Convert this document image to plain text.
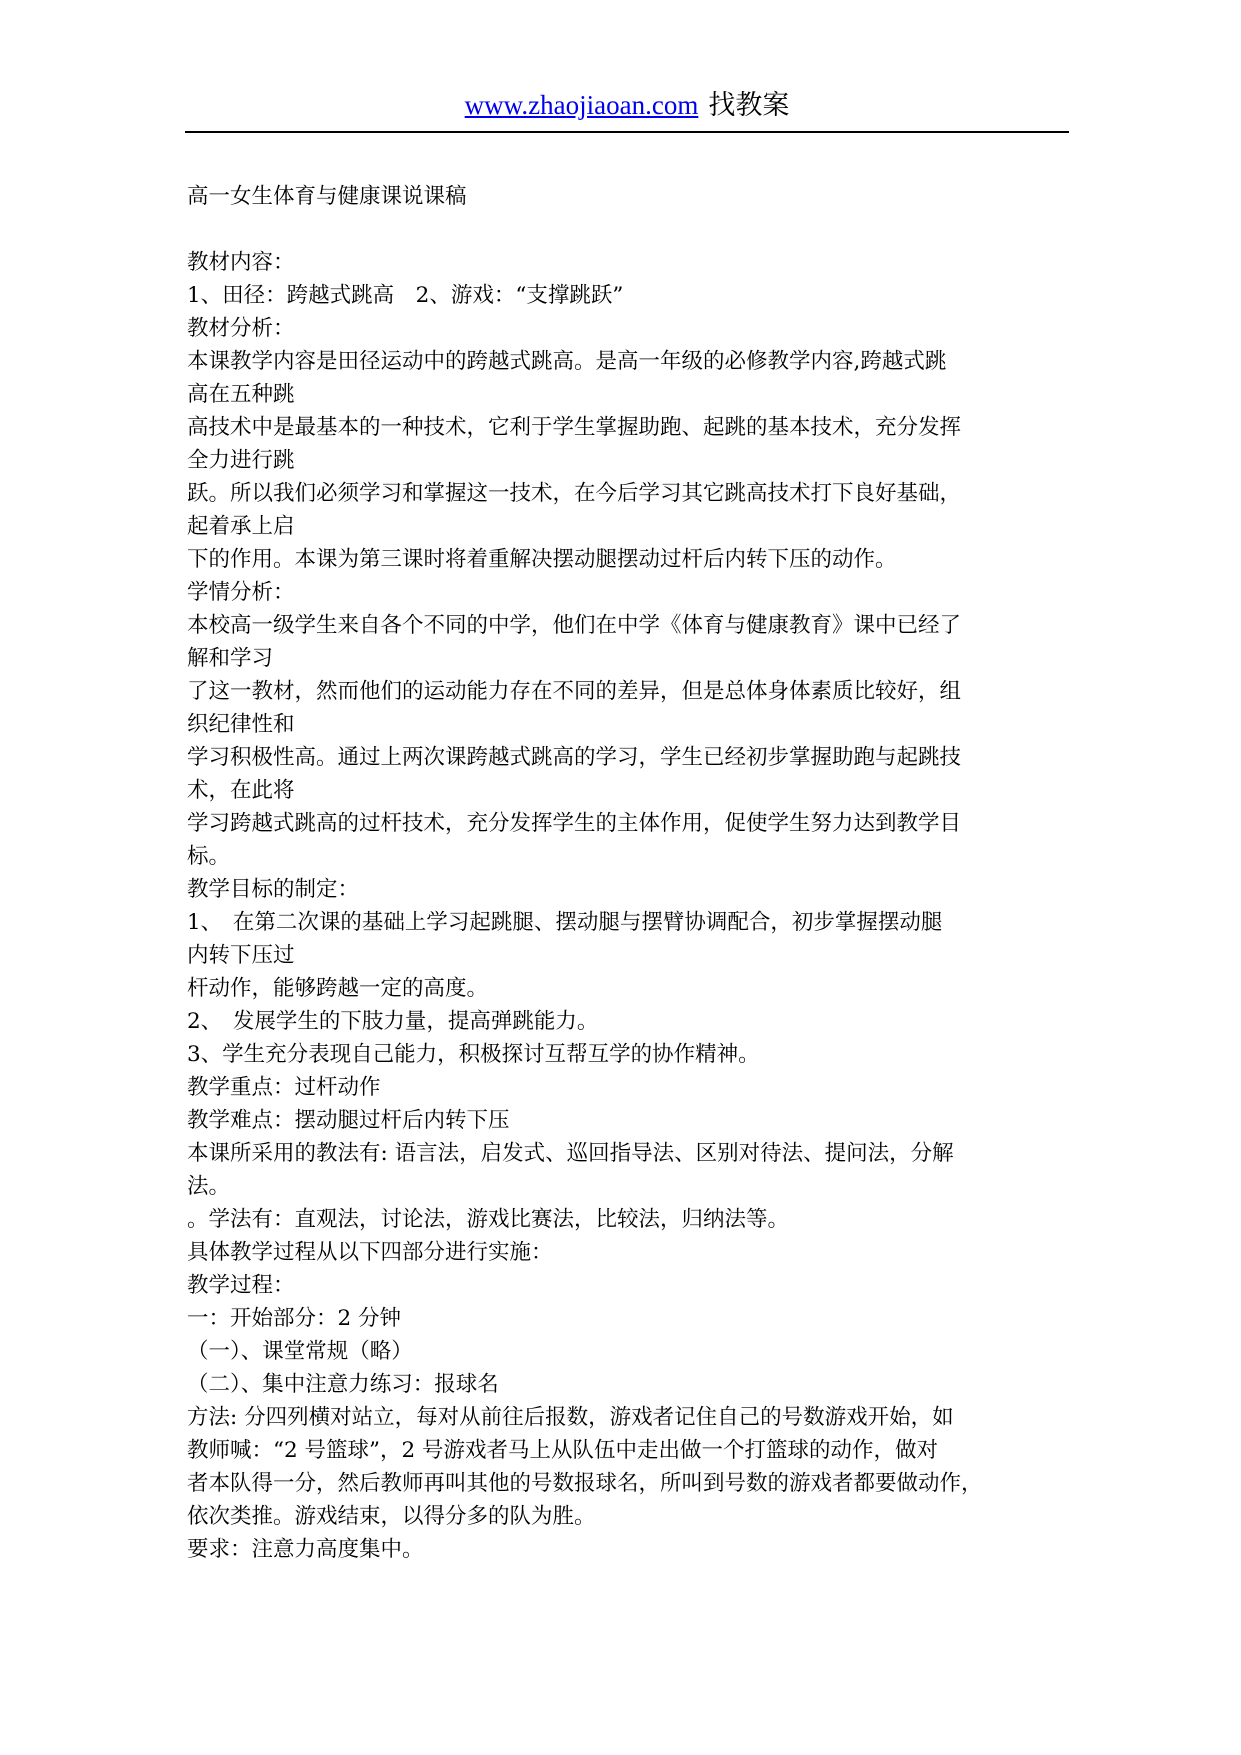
www.zhaojiaoan.com 找教案

高一女生体育与健康课说课稿

教材内容：

1、田径：跨越式跳高　2、游戏：“支撑跳跃”

教材分析：

本课教学内容是田径运动中的跨越式跳高。是高一年级的必修教学内容,跨越式跳

高在五种跳

高技术中是最基本的一种技术，它利于学生掌握助跑、起跳的基本技术，充分发挥

全力进行跳

跃。所以我们必须学习和掌握这一技术，在今后学习其它跳高技术打下良好基础，

起着承上启

下的作用。本课为第三课时将着重解决摆动腿摆动过杆后内转下压的动作。

学情分析：

本校高一级学生来自各个不同的中学，他们在中学《体育与健康教育》课中已经了

解和学习

了这一教材，然而他们的运动能力存在不同的差异，但是总体身体素质比较好，组

织纪律性和

学习积极性高。通过上两次课跨越式跳高的学习，学生已经初步掌握助跑与起跳技

术，在此将

学习跨越式跳高的过杆技术，充分发挥学生的主体作用，促使学生努力达到教学目

标。

教学目标的制定：

1、　在第二次课的基础上学习起跳腿、摆动腿与摆臂协调配合，初步掌握摆动腿

内转下压过

杆动作，能够跨越一定的高度。

2、　发展学生的下肢力量，提高弹跳能力。

3、学生充分表现自己能力，积极探讨互帮互学的协作精神。

教学重点：过杆动作

教学难点：摆动腿过杆后内转下压

本课所采用的教法有: 语言法，启发式、巡回指导法、区别对待法、提问法，分解

法。

。学法有：直观法，讨论法，游戏比赛法，比较法，归纳法等。

具体教学过程从以下四部分进行实施：

教学过程：

一：开始部分：2 分钟

（一）、课堂常规（略）

（二）、集中注意力练习：报球名

方法: 分四列横对站立，每对从前往后报数，游戏者记住自己的号数游戏开始，如

教师喊：“2 号篮球”，2 号游戏者马上从队伍中走出做一个打篮球的动作，做对

者本队得一分，然后教师再叫其他的号数报球名，所叫到号数的游戏者都要做动作，

依次类推。游戏结束，以得分多的队为胜。

要求：注意力高度集中。
